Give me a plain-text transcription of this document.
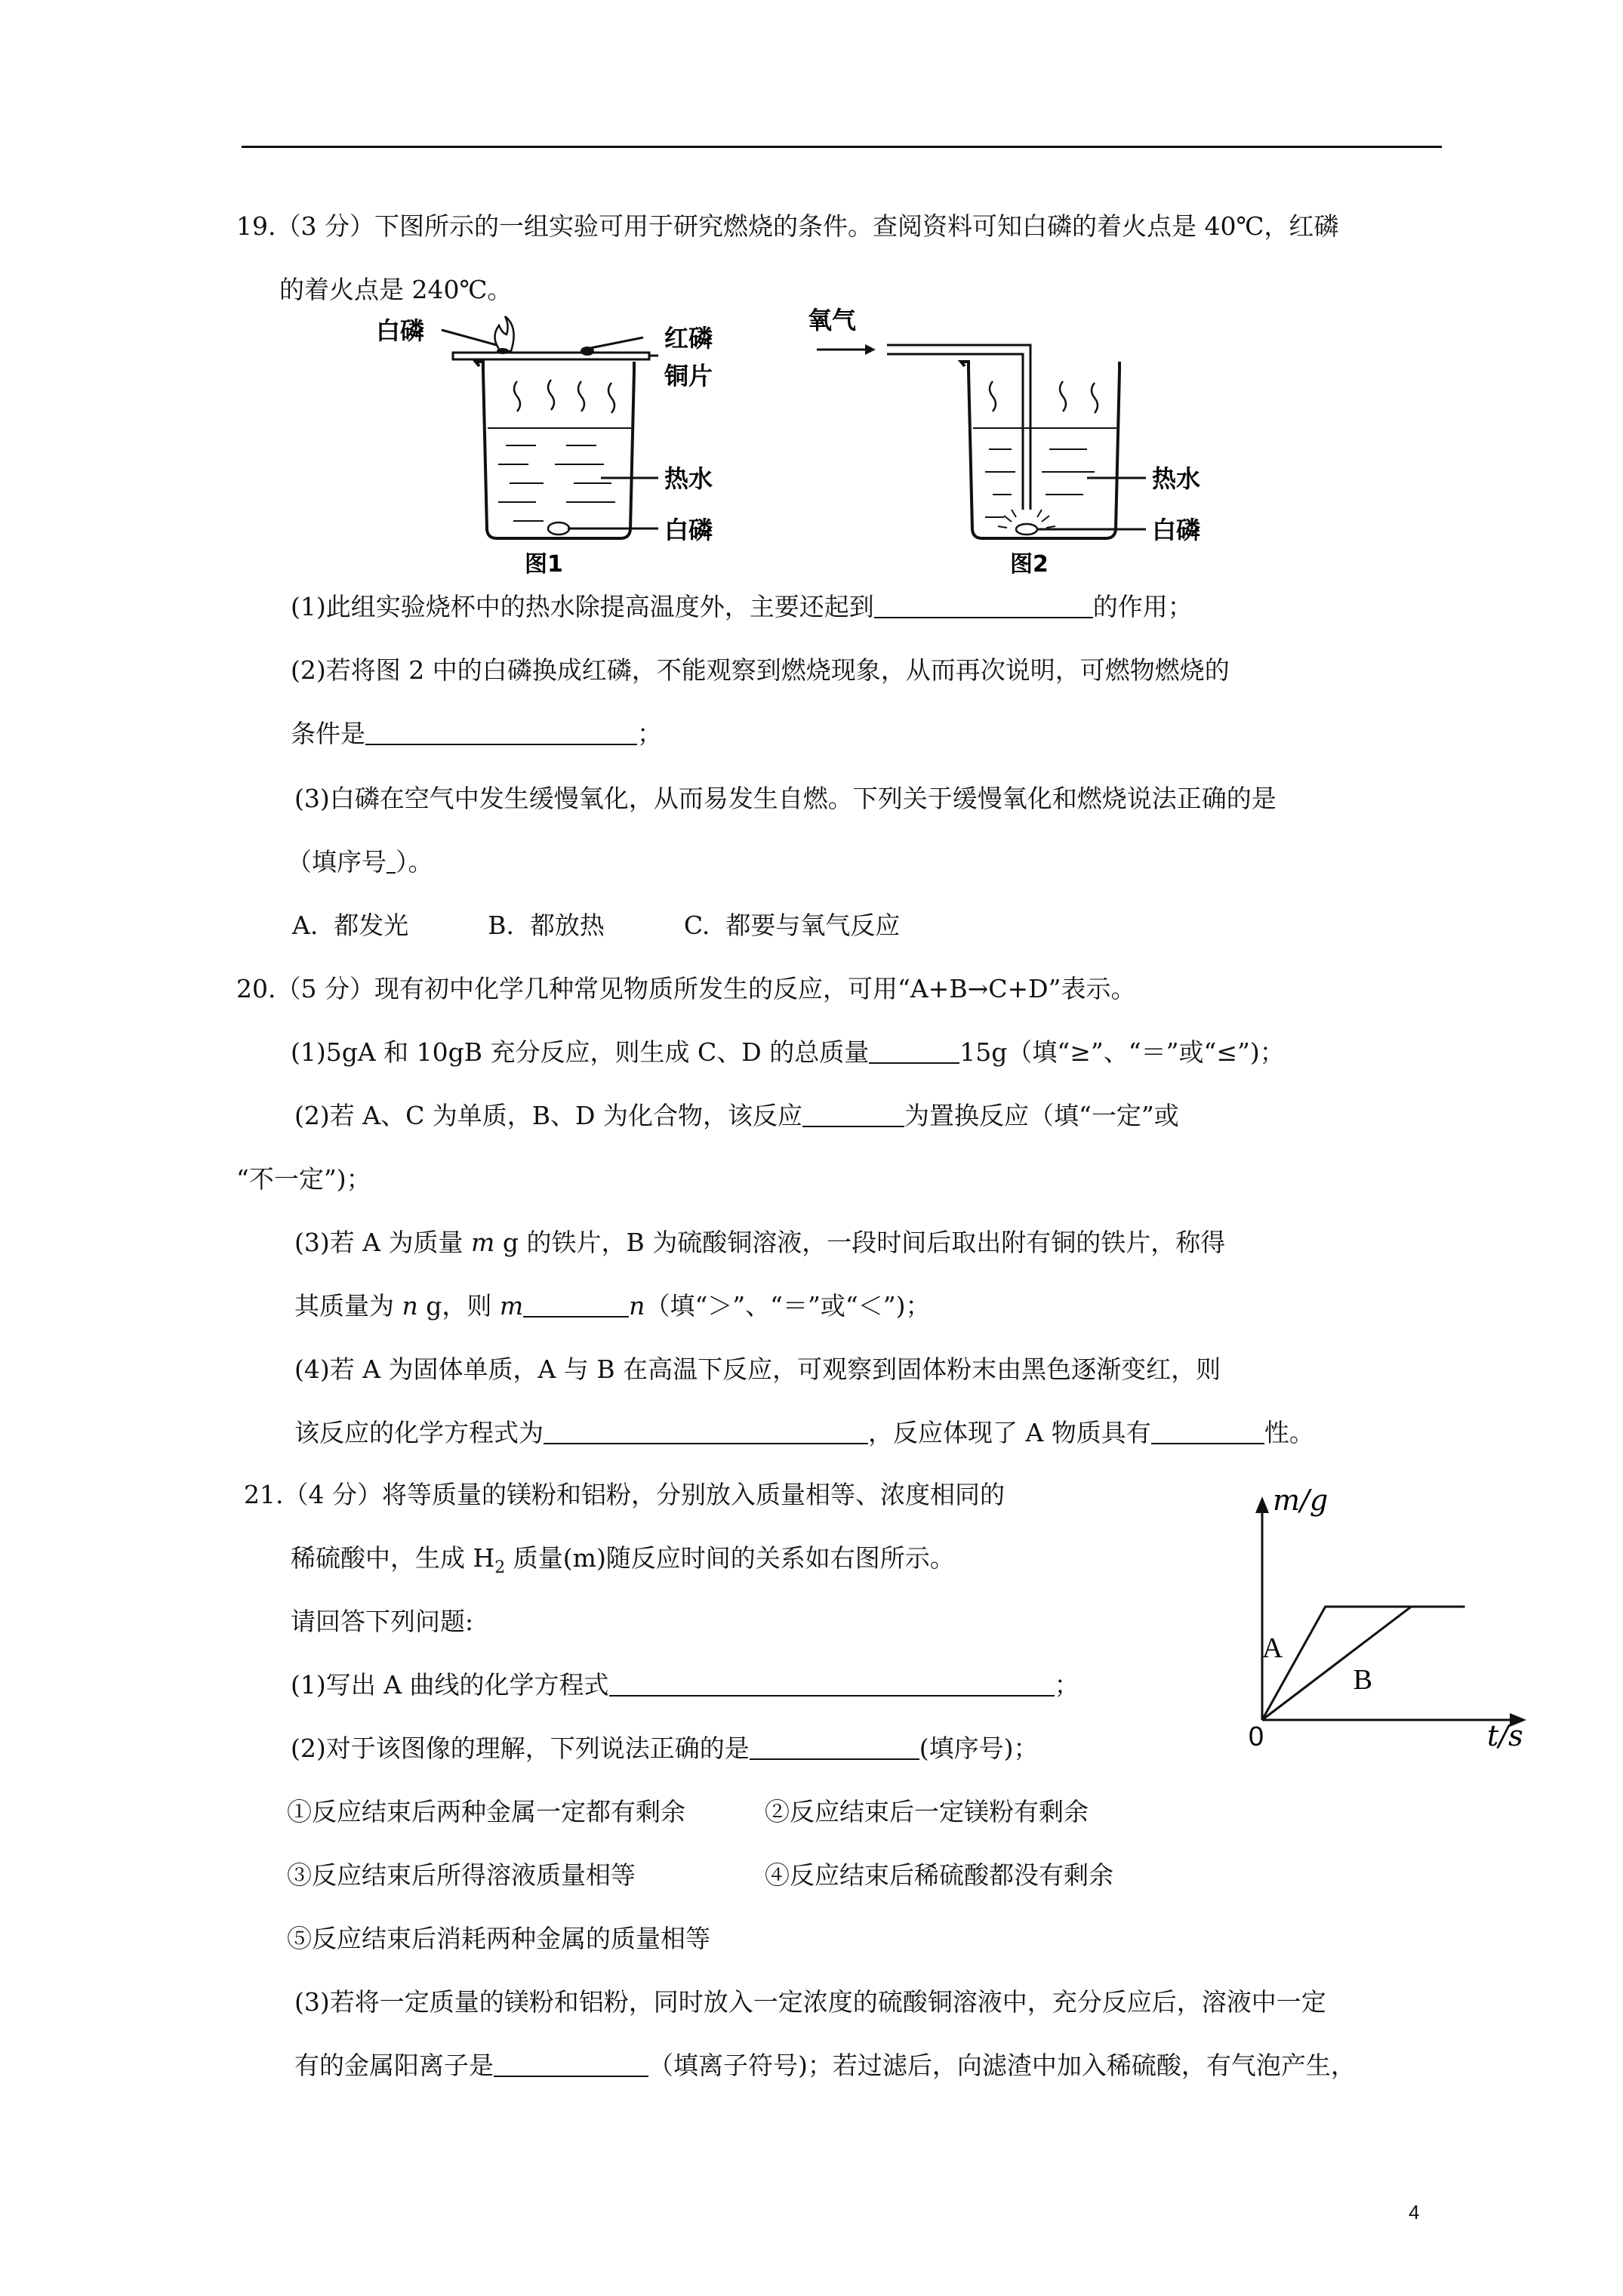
19.（3 分）下图所示的一组实验可用于研究燃烧的条件。查阅资料可知白磷的着火点是 40℃，红磷
的着火点是 240℃。
白磷	红磷
铜片
热水
白磷
图1
氧气
热水
白磷
图2
(1)此组实验烧杯中的热水除提高温度外，主要还起到	的作用；
(2)若将图 2 中的白磷换成红磷，不能观察到燃烧现象，从而再次说明，可燃物燃烧的
条件是	；
(3)白磷在空气中发生缓慢氧化，从而易发生自燃。下列关于缓慢氧化和燃烧说法正确的是
（填序号 ）。
A.  都发光          B.  都放热          C.  都要与氧气反应
20.（5 分）现有初中化学几种常见物质所发生的反应，可用“A+B→C+D”表示。
(1)5gA 和 10gB 充分反应，则生成 C、D 的总质量	15g（填“≥”、“＝”或“≤”)；
(2)若 A、C 为单质，B、D 为化合物，该反应	为置换反应（填“一定”或
“不一定”)；
(3)若 A 为质量 m g 的铁片，B 为硫酸铜溶液，一段时间后取出附有铜的铁片，称得
其质量为 n g，则 m	n（填“＞”、“＝”或“＜”)；
(4)若 A 为固体单质，A 与 B 在高温下反应，可观察到固体粉末由黑色逐渐变红，则
该反应的化学方程式为	，反应体现了 A 物质具有	性。
21.（4 分）将等质量的镁粉和铝粉，分别放入质量相等、浓度相同的
稀硫酸中，生成 $H_2$ 质量(m)随反应时间的关系如右图所示。
请回答下列问题:
(1)写出 A 曲线的化学方程式	；
(2)对于该图像的理解，下列说法正确的是	(填序号)；
①反应结束后两种金属一定都有剩余	②反应结束后一定镁粉有剩余
③反应结束后所得溶液质量相等	④反应结束后稀硫酸都没有剩余
⑤反应结束后消耗两种金属的质量相等
(3)若将一定质量的镁粉和铝粉，同时放入一定浓度的硫酸铜溶液中，充分反应后，溶液中一定
有的金属阳离子是	（填离子符号)；若过滤后，向滤渣中加入稀硫酸，有气泡产生，
A
B
m/g
t/s
0
4
